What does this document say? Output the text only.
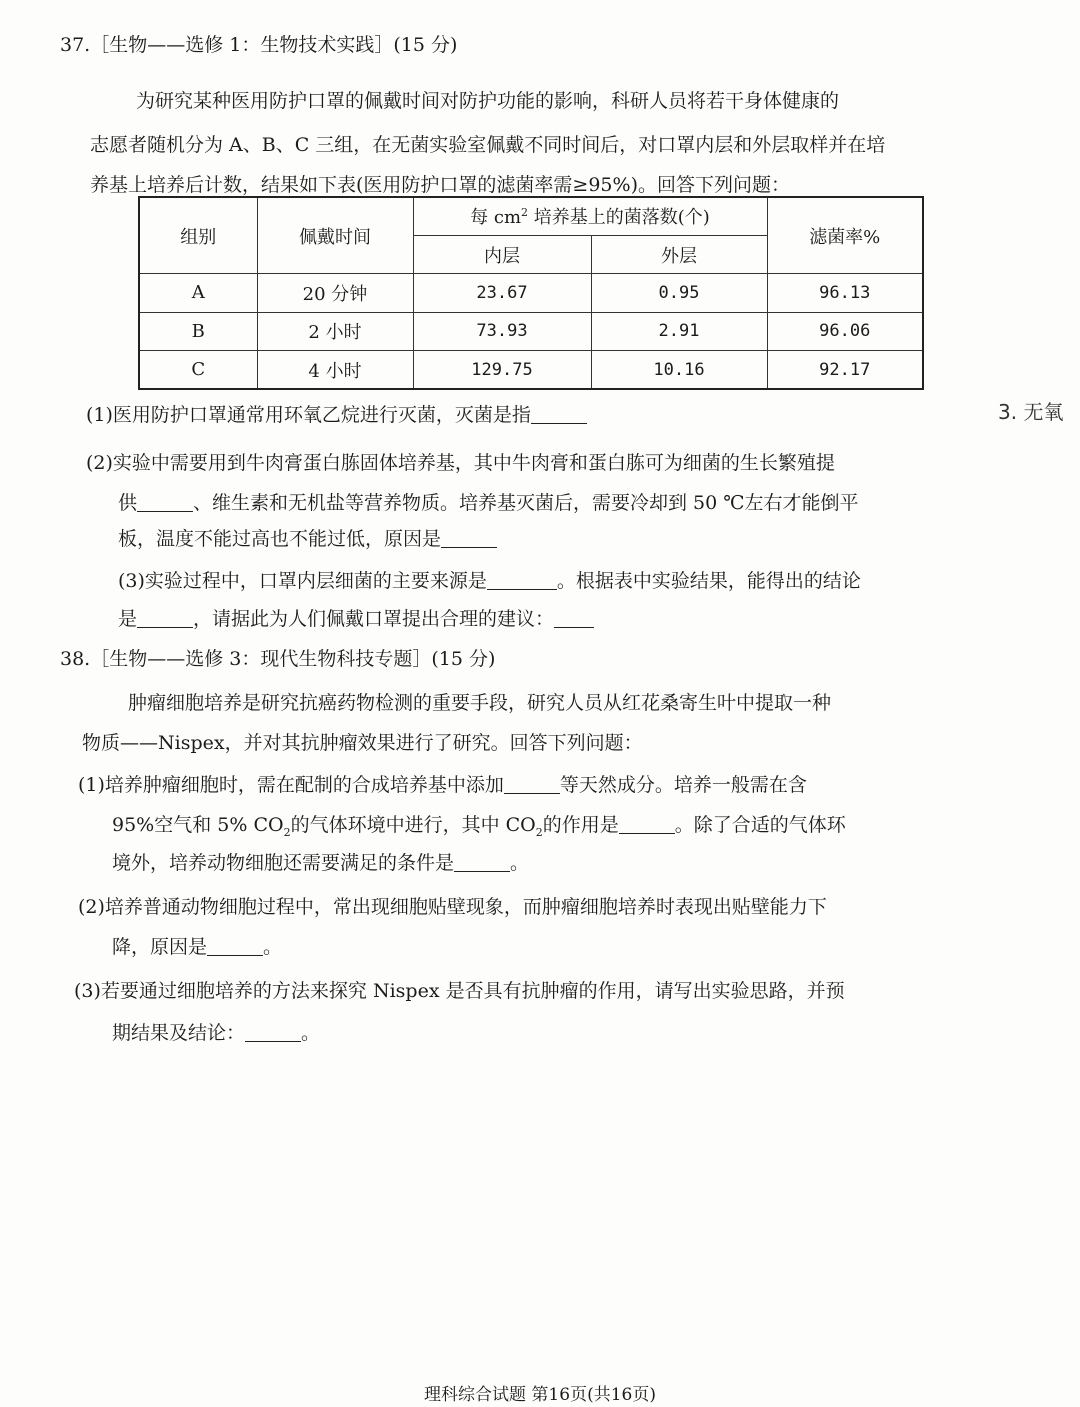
37.［生物——选修 1：生物技术实践］(15 分)
为研究某种医用防护口罩的佩戴时间对防护功能的影响，科研人员将若干身体健康的
志愿者随机分为 A、B、C 三组，在无菌实验室佩戴不同时间后，对口罩内层和外层取样并在培
养基上培养后计数，结果如下表(医用防护口罩的滤菌率需≥95%)。回答下列问题：
组别	佩戴时间	每 $cm^2$ 培养基上的菌落数(个)		滤菌率%
		内层	外层	
A	20 分钟	23.67	0.95	96.13
B	2 小时	73.93	2.91	96.06
C	4 小时	129.75	10.16	92.17
(1)医用防护口罩通常用环氧乙烷进行灭菌，灭菌是指	3. 无氧
(2)实验中需要用到牛肉膏蛋白胨固体培养基，其中牛肉膏和蛋白胨可为细菌的生长繁殖提
供	、维生素和无机盐等营养物质。培养基灭菌后，需要冷却到 50 ℃左右才能倒平
板，温度不能过高也不能过低，原因是
(3)实验过程中，口罩内层细菌的主要来源是	。根据表中实验结果，能得出的结论
是	，请据此为人们佩戴口罩提出合理的建议：
38.［生物——选修 3：现代生物科技专题］(15 分)
肿瘤细胞培养是研究抗癌药物检测的重要手段，研究人员从红花桑寄生叶中提取一种
物质——Nispex，并对其抗肿瘤效果进行了研究。回答下列问题：
(1)培养肿瘤细胞时，需在配制的合成培养基中添加	等天然成分。培养一般需在含
95%空气和 5% $CO_2$的气体环境中进行，其中 $CO_2$的作用是	。除了合适的气体环
境外，培养动物细胞还需要满足的条件是	。
(2)培养普通动物细胞过程中，常出现细胞贴壁现象，而肿瘤细胞培养时表现出贴壁能力下
降，原因是	。
(3)若要通过细胞培养的方法来探究 Nispex 是否具有抗肿瘤的作用，请写出实验思路，并预
期结果及结论：	。
理科综合试题 第16页(共16页)
